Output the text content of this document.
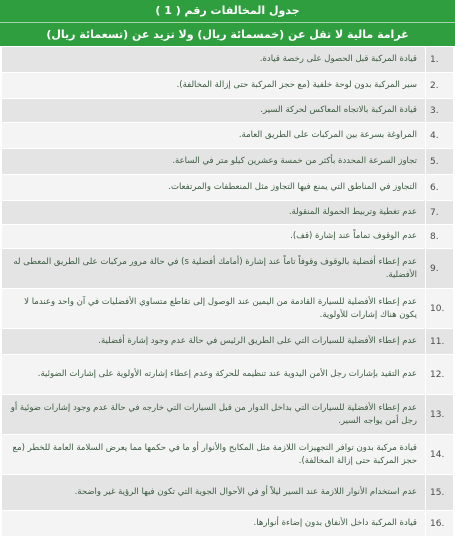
جدول المخالفات رقم ( 1 )
غرامة مالية لا تقل عن (خمسمائة ريال) ولا تزيد عن (تسعمائة ريال)
1.	قيادة المركبة قبل الحصول على رخصة قيادة.
2.	سير المركبة بدون لوحة خلفية (مع حجز المركبة حتى إزالة المخالفة).
3.	قيادة المركبة بالاتجاه المعاكس لحركة السير.
4.	المراوغة بسرعة بين المركبات على الطريق العامة.
5.	تجاوز السرعة المحددة بأكثر من خمسة وعشرين كيلو متر في الساعة.
6.	التجاوز في المناطق التي يمنع فيها التجاوز مثل المنعطفات والمرتفعات.
7.	عدم تغطية وتربيط الحمولة المنقولة.
8.	عدم الوقوف تماماً عند إشارة (قف).
9.	عدم إعطاء أفضلية بالوقوف وقوفاً تاماً عند إشارة (أمامك أفضلية s) في حالة مرور مركبات على الطريق المعطى له الأفضلية.
10.	عدم إعطاء الأفضلية للسيارة القادمة من اليمين عند الوصول إلى تقاطع متساوي الأفضليات في آن واحد وعندما لا يكون هناك إشارات للأولوية.
11.	عدم إعطاء الأفضلية للسيارات التي على الطريق الرئيس في حالة عدم وجود إشارة أفضلية.
12.	عدم التقيد بإشارات رجل الأمن اليدوية عند تنظيمه للحركة وعدم إعطاء إشارته الأولوية على إشارات الضوئية.
13.	عدم إعطاء الأفضلية للسيارات التي بداخل الدوار من قبل السيارات التي خارجه في حالة عدم وجود إشارات ضوئية أو رجل أمن يواجه السير.
14.	قيادة مركبة بدون توافر التجهيزات اللازمة مثل المكابح والأنوار أو ما في حكمها مما يعرض السلامة العامة للخطر (مع حجز المركبة حتى إزالة المخالفة).
15.	عدم استخدام الأنوار اللازمة عند السير ليلاً أو في الأحوال الجوية التي تكون فيها الرؤية غير واضحة.
16.	قيادة المركبة داخل الأنفاق بدون إضاءة أنوارها.
